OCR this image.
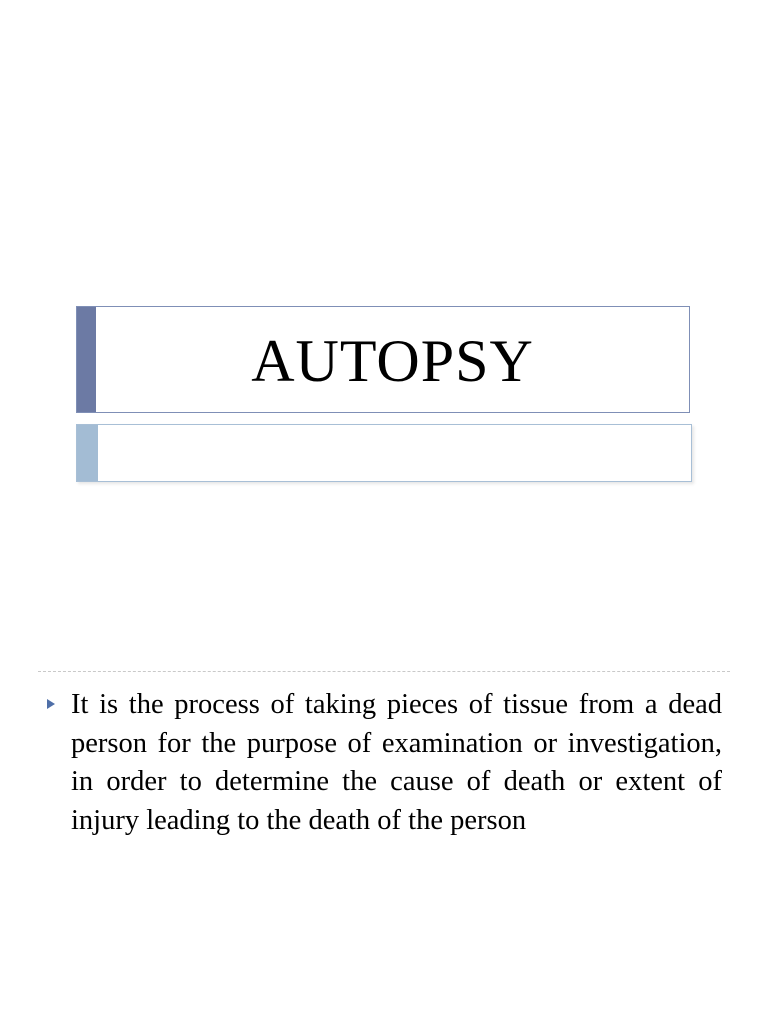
AUTOPSY

It is the process of taking pieces of tissue from a dead person for the purpose of examination or investigation, in order to determine the cause of death or extent of injury leading to the death of the person
